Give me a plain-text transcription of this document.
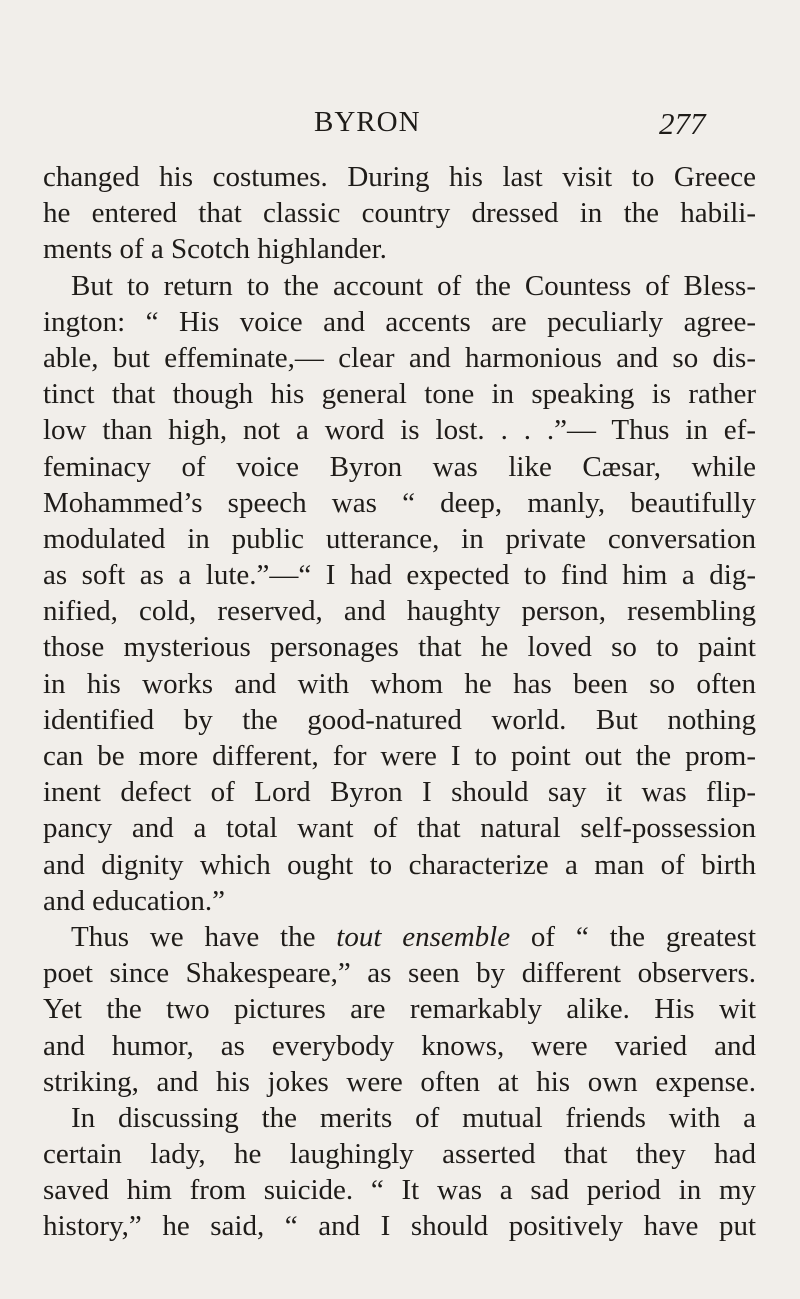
BYRON	277
changed his costumes. During his last visit to Greece
he entered that classic country dressed in the habili-
ments of a Scotch highlander.
But to return to the account of the Countess of Bless-
ington: “ His voice and accents are peculiarly agree-
able, but effeminate,— clear and harmonious and so dis-
tinct that though his general tone in speaking is rather
low than high, not a word is lost. . . .”— Thus in ef-
feminacy of voice Byron was like Cæsar, while
Mohammed’s speech was “ deep, manly, beautifully
modulated in public utterance, in private conversation
as soft as a lute.”—“ I had expected to find him a dig-
nified, cold, reserved, and haughty person, resembling
those mysterious personages that he loved so to paint
in his works and with whom he has been so often
identified by the good-natured world. But nothing
can be more different, for were I to point out the prom-
inent defect of Lord Byron I should say it was flip-
pancy and a total want of that natural self-possession
and dignity which ought to characterize a man of birth
and education.”
Thus we have the tout ensemble of “ the greatest
poet since Shakespeare,” as seen by different observers.
Yet the two pictures are remarkably alike. His wit
and humor, as everybody knows, were varied and
striking, and his jokes were often at his own expense.
In discussing the merits of mutual friends with a
certain lady, he laughingly asserted that they had
saved him from suicide. “ It was a sad period in my
history,” he said, “ and I should positively have put
